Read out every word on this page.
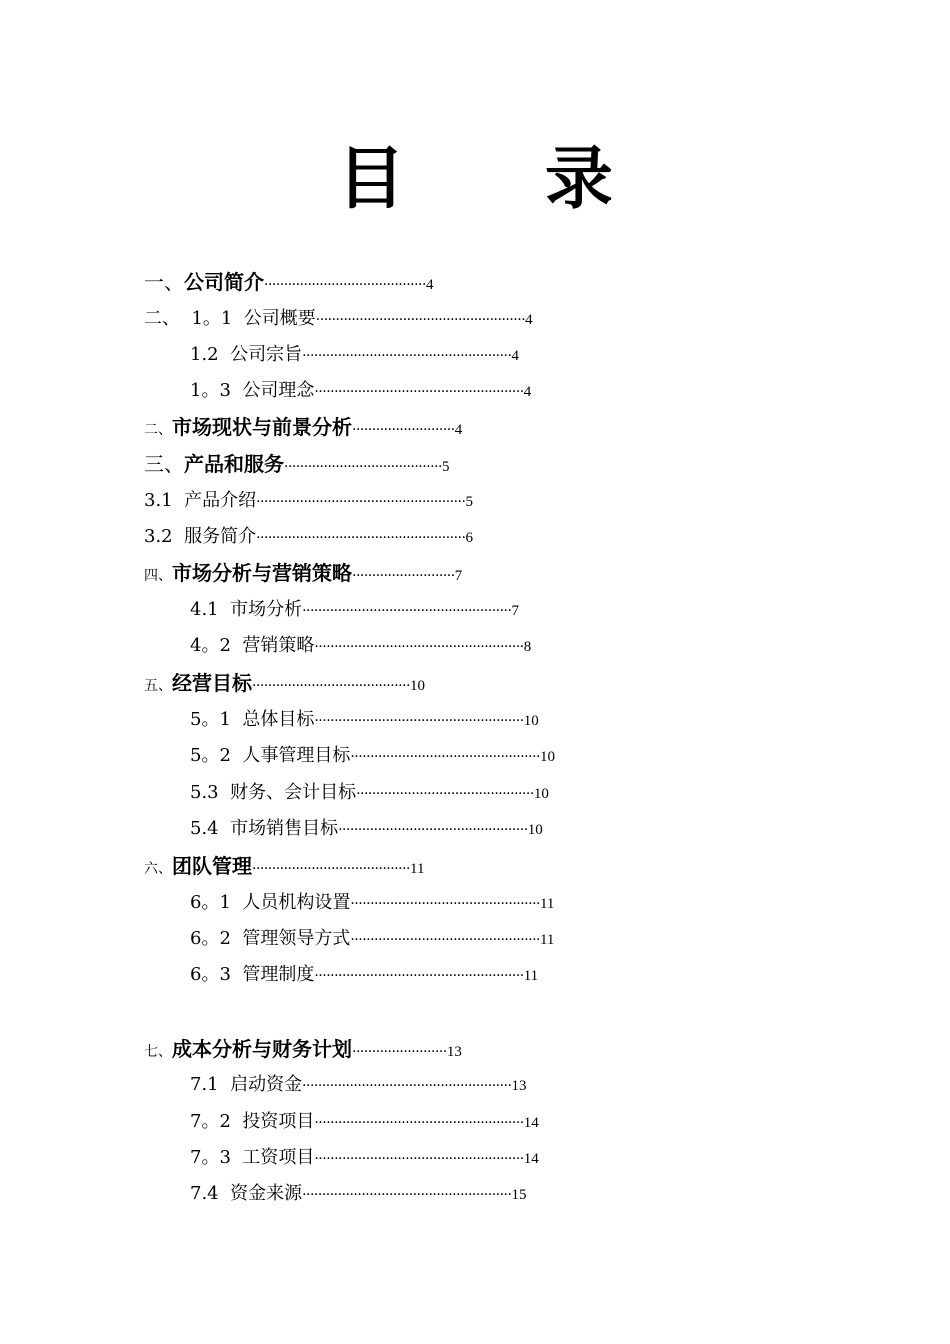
目 录
一、 公司简介 ········································· 4
二、 1。1  公司概要 ····················································· 4
1.2  公司宗旨 ····················································· 4
1。3  公司理念 ····················································· 4
二、 市场现状与前景分析 ·························· 4
三、 产品和服务 ········································ 5
3.1  产品介绍 ····················································· 5
3.2  服务简介 ····················································· 6
四、 市场分析与营销策略 ·························· 7
4.1  市场分析 ····················································· 7
4。2  营销策略 ····················································· 8
五、 经营目标 ········································ 10
5。1  总体目标 ····················································· 10
5。2  人事管理目标 ················································ 10
5.3  财务、会计目标 ············································· 10
5.4  市场销售目标 ················································ 10
六、 团队管理 ········································ 11
6。1  人员机构设置 ················································ 11
6。2  管理领导方式 ················································ 11
6。3  管理制度 ····················································· 11
七、 成本分析与财务计划 ························ 13
7.1  启动资金 ····················································· 13
7。2  投资项目 ····················································· 14
7。3  工资项目 ····················································· 14
7.4  资金来源 ····················································· 15
